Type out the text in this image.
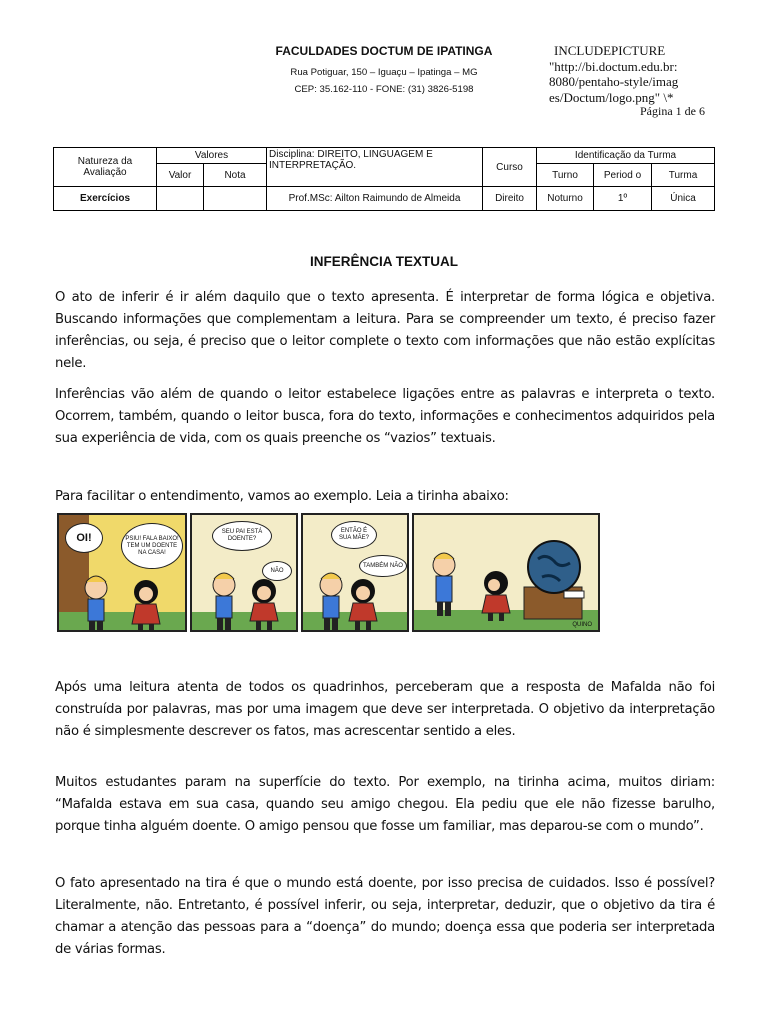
FACULDADES DOCTUM DE IPATINGA
Rua Potiguar, 150 – Iguaçu – Ipatinga – MG
CEP: 35.162-110 - FONE: (31) 3826-5198
INCLUDEPICTURE
"http://bi.doctum.edu.br:
8080/pentaho-style/imag
es/Doctum/logo.png" \*
Página 1 de 6
Natureza da Avaliação	Valores		Disciplina: DIREITO, LINGUAGEM E INTERPRETAÇÃO.	Curso	Identificação da Turma		
	Valor	Nota			Turno	Period o	Turma
Exercícios			Prof.MSc: Ailton Raimundo de Almeida	Direito	Noturno	1º	Única
INFERÊNCIA TEXTUAL
O ato de inferir é ir além daquilo que o texto apresenta. É interpretar de forma lógica e objetiva. Buscando informações que complementam a leitura. Para se compreender um texto, é preciso fazer inferências, ou seja, é preciso que o leitor complete o texto com informações que não estão explícitas nele.
Inferências vão além de quando o leitor estabelece ligações entre as palavras e interpreta o texto. Ocorrem, também, quando o leitor busca, fora do texto, informações e conhecimentos adquiridos pela sua experiência de vida, com os quais preenche os “vazios” textuais.
Para facilitar o entendimento, vamos ao exemplo. Leia a tirinha abaixo:
OI!	PSIU! FALA BAIXO! TEM UM DOENTE NA CASA!
SEU PAI ESTÁ DOENTE?
NÃO
ENTÃO É SUA MÃE?
TAMBÉM NÃO
QUINO
Após uma leitura atenta de todos os quadrinhos, perceberam que a resposta de Mafalda não foi construída por palavras, mas por uma imagem que deve ser interpretada. O objetivo da interpretação não é simplesmente descrever os fatos, mas acrescentar sentido a eles.
Muitos estudantes param na superfície do texto. Por exemplo, na tirinha acima, muitos diriam: “Mafalda estava em sua casa, quando seu amigo chegou. Ela pediu que ele não fizesse barulho, porque tinha alguém doente. O amigo pensou que fosse um familiar, mas deparou-se com o mundo”.
O fato apresentado na tira é que o mundo está doente, por isso precisa de cuidados. Isso é possível? Literalmente, não. Entretanto, é possível inferir, ou seja, interpretar, deduzir, que o objetivo da tira é chamar a atenção das pessoas para a “doença” do mundo; doença essa que poderia ser interpretada de várias formas.
